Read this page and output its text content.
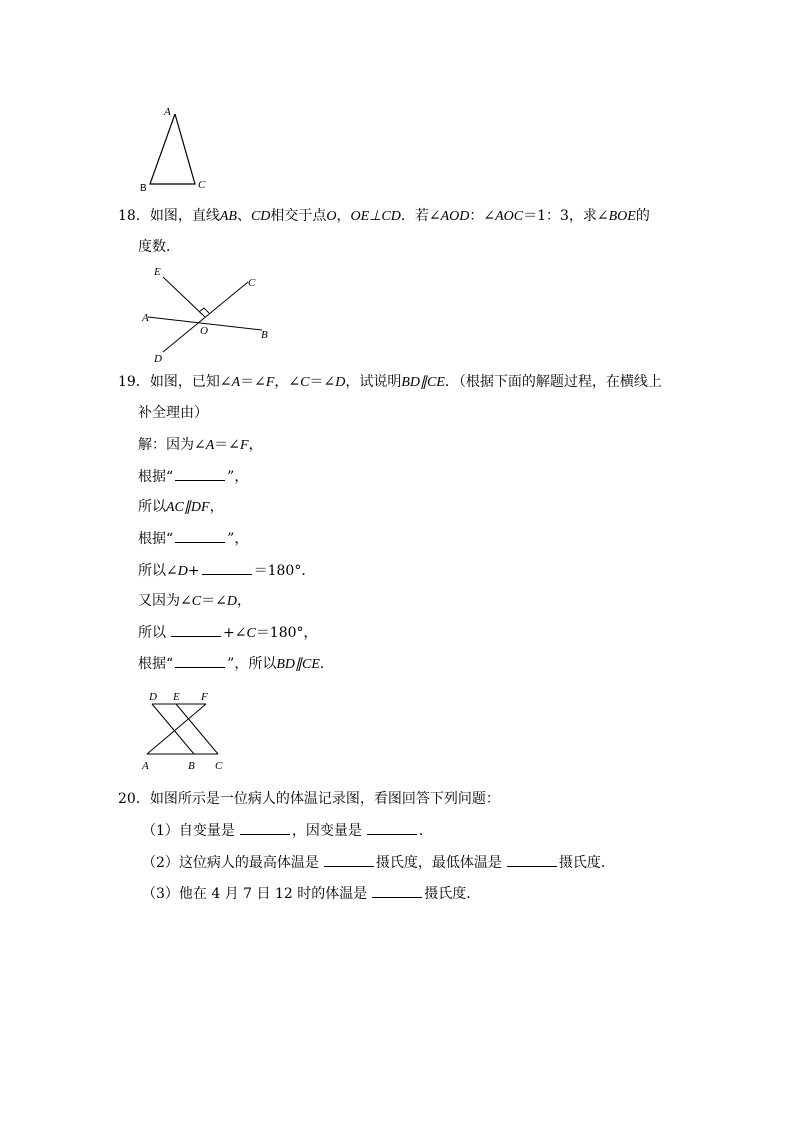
A
B	C
18．如图，直线AB、CD相交于点O，OE⊥CD．若∠AOD：∠AOC＝1：3，求∠BOE的
度数．
E
C
A
O	B
D
19．如图，已知∠A＝∠F，∠C＝∠D，试说明BD∥CE．（根据下面的解题过程，在横线上
补全理由）
解：因为∠A＝∠F，
根据“	”，
所以AC∥DF，
根据“	”，
所以∠D+	＝180°．
又因为∠C＝∠D，
所以	+∠C＝180°，
根据“	”，所以BD∥CE．
D E F
A	B C
20．如图所示是一位病人的体温记录图，看图回答下列问题：
（1）自变量是	，因变量是	．
（2）这位病人的最高体温是	摄氏度，最低体温是	摄氏度．
（3）他在 4 月 7 日 12 时的体温是	摄氏度．
